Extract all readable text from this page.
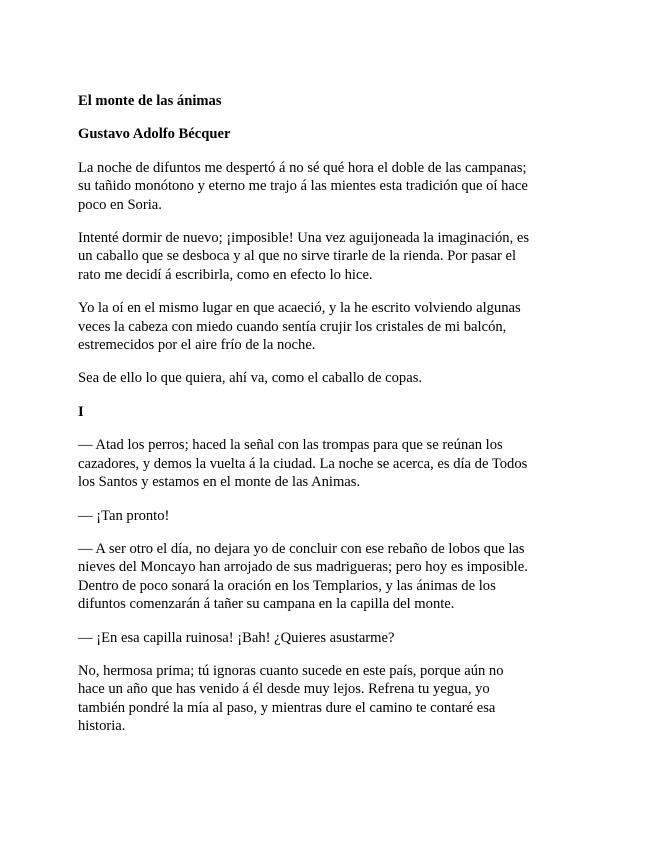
El monte de las ánimas

Gustavo Adolfo Bécquer

La noche de difuntos me despertó á no sé qué hora el doble de las campanas;
su tañido monótono y eterno me trajo á las mientes esta tradición que oí hace
poco en Soria.

Intenté dormir de nuevo; ¡imposible! Una vez aguijoneada la imaginación, es
un caballo que se desboca y al que no sirve tirarle de la rienda. Por pasar el
rato me decidí á escribirla, como en efecto lo hice.

Yo la oí en el mismo lugar en que acaeció, y la he escrito volviendo algunas
veces la cabeza con miedo cuando sentía crujir los cristales de mi balcón,
estremecidos por el aire frío de la noche.

Sea de ello lo que quiera, ahí va, como el caballo de copas.

I

— Atad los perros; haced la señal con las trompas para que se reúnan los
cazadores, y demos la vuelta á la ciudad. La noche se acerca, es día de Todos
los Santos y estamos en el monte de las Animas.

— ¡Tan pronto!

— A ser otro el día, no dejara yo de concluir con ese rebaño de lobos que las
nieves del Moncayo han arrojado de sus madrigueras; pero hoy es imposible.
Dentro de poco sonará la oración en los Templarios, y las ánimas de los
difuntos comenzarán á tañer su campana en la capilla del monte.

— ¡En esa capilla ruinosa! ¡Bah! ¿Quieres asustarme?

No, hermosa prima; tú ignoras cuanto sucede en este país, porque aún no
hace un año que has venido á él desde muy lejos. Refrena tu yegua, yo
también pondré la mía al paso, y mientras dure el camino te contaré esa
historia.
